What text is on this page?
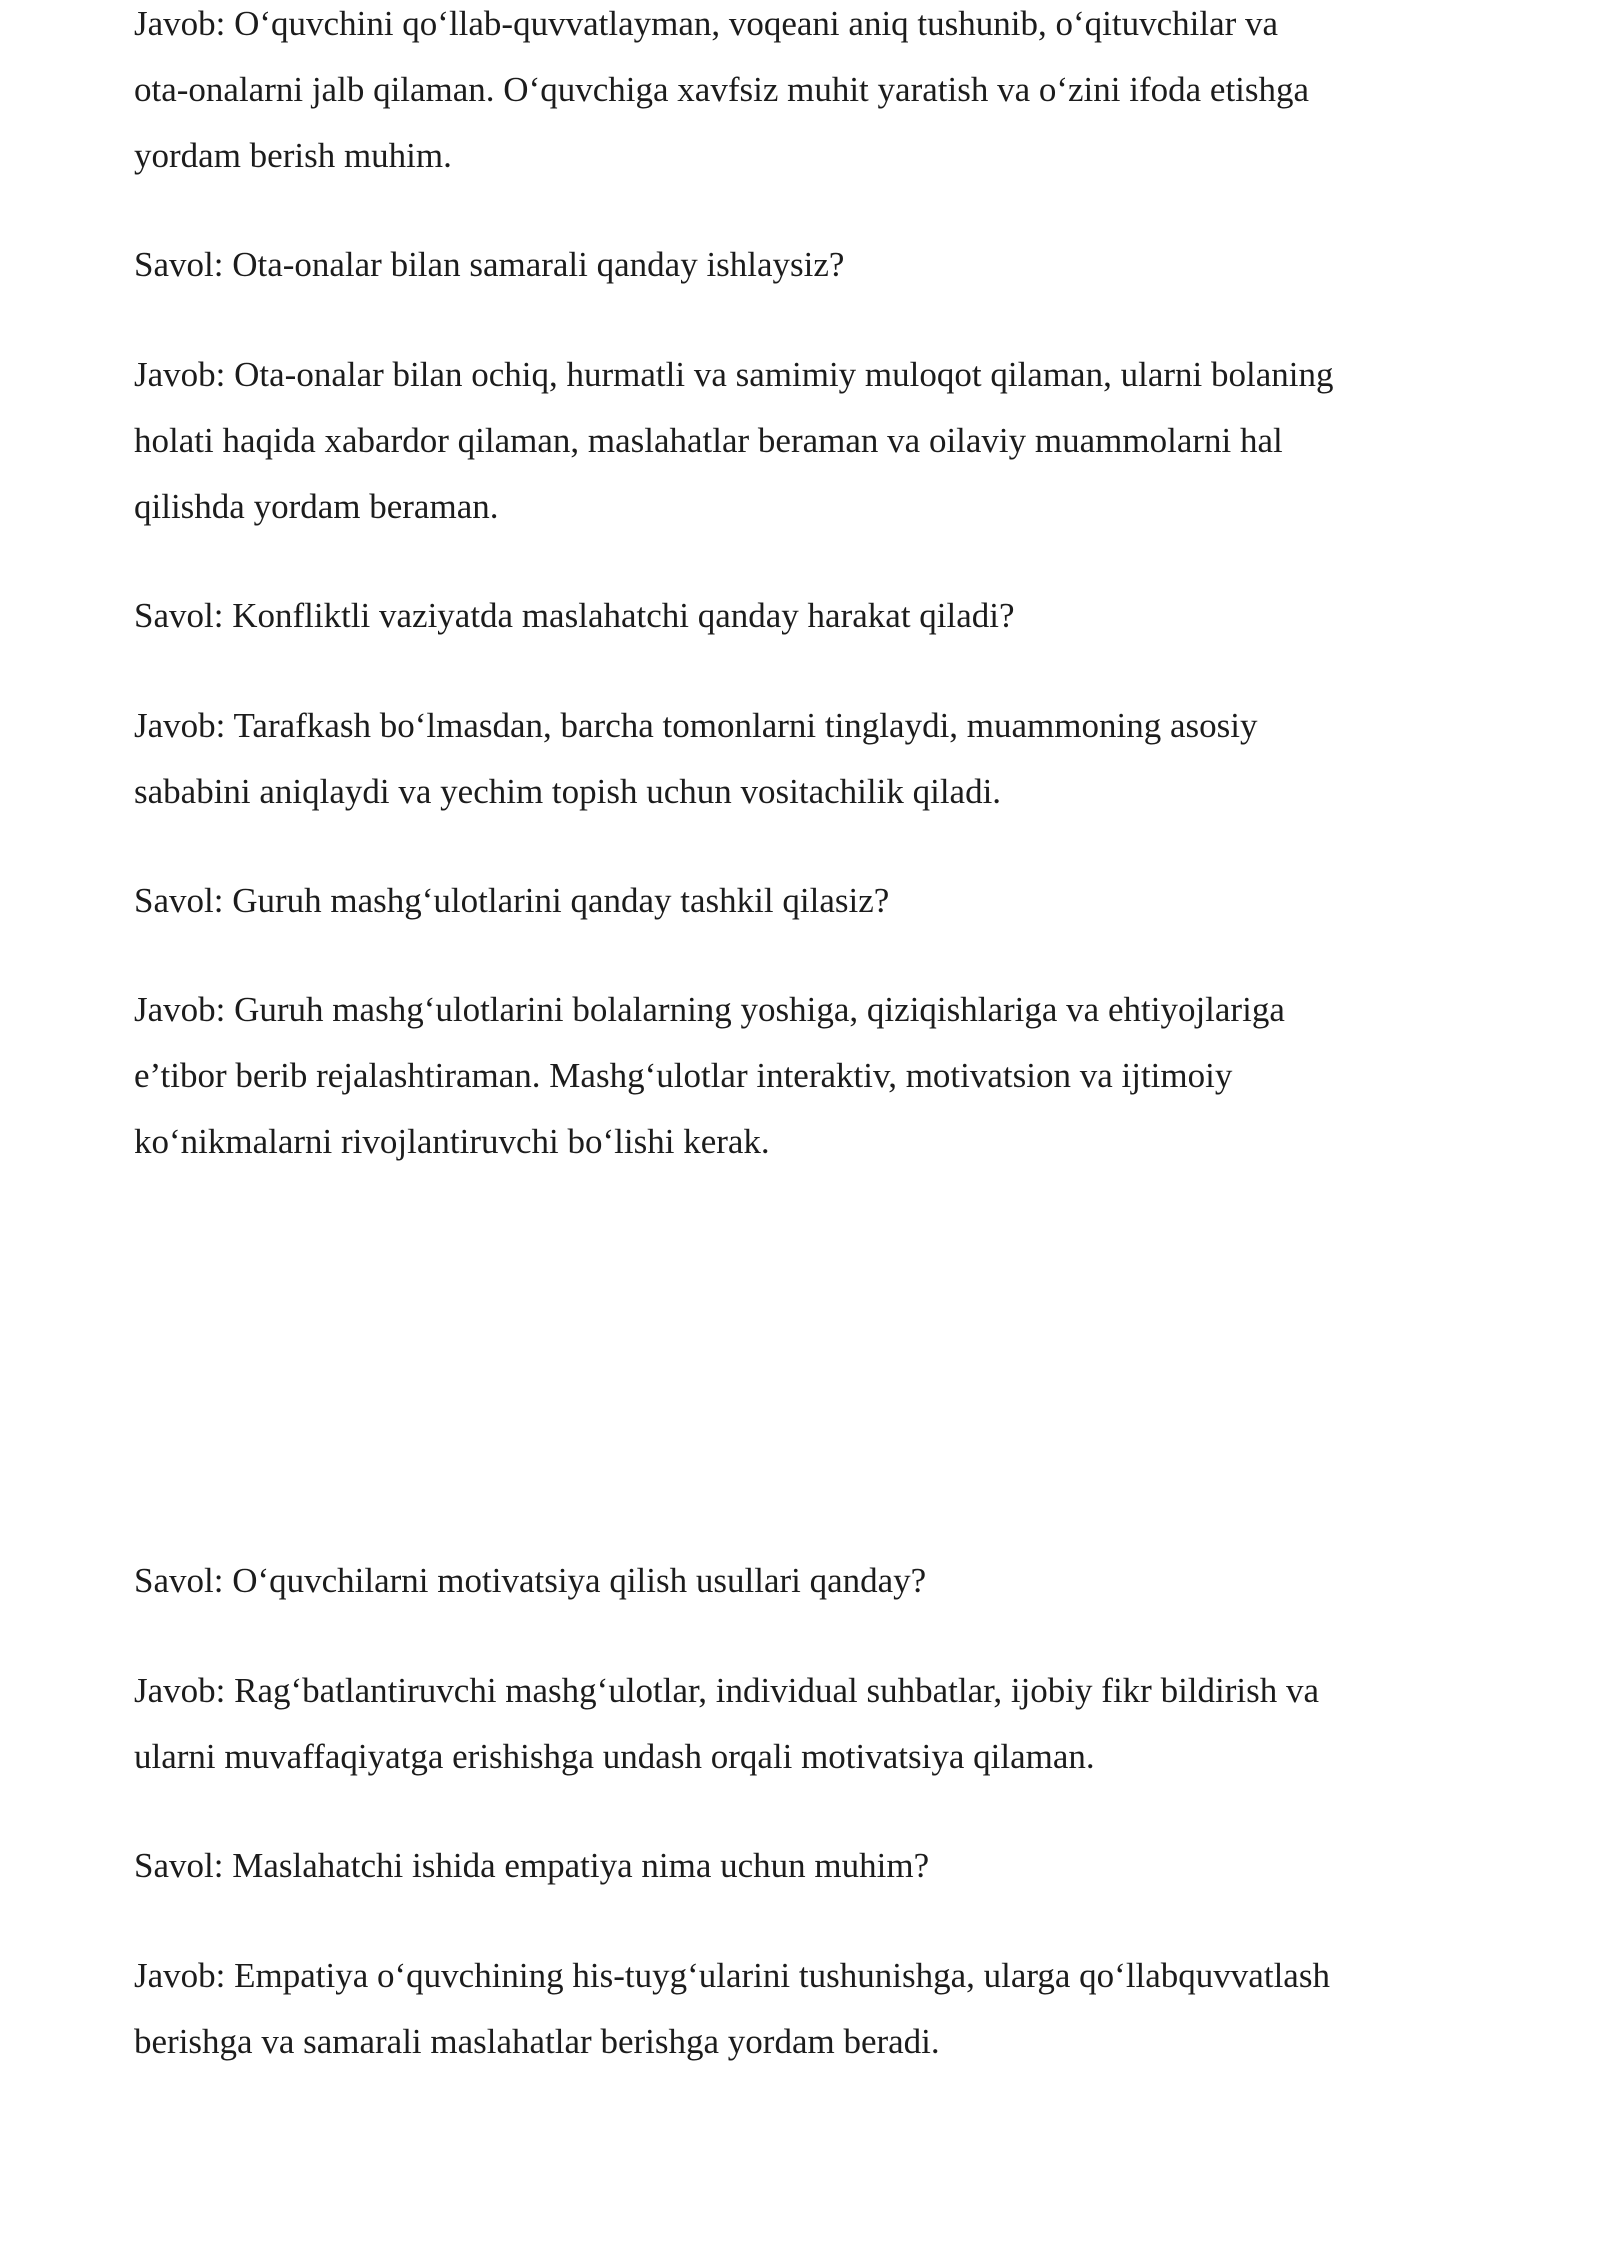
Javob: Oʻquvchini qoʻllab-quvvatlayman, voqeani aniq tushunib, oʻqituvchilar va
ota-onalarni jalb qilaman. Oʻquvchiga xavfsiz muhit yaratish va oʻzini ifoda etishga
yordam berish muhim.

Savol: Ota-onalar bilan samarali qanday ishlaysiz?

Javob: Ota-onalar bilan ochiq, hurmatli va samimiy muloqot qilaman, ularni bolaning
holati haqida xabardor qilaman, maslahatlar beraman va oilaviy muammolarni hal
qilishda yordam beraman.

Savol: Konfliktli vaziyatda maslahatchi qanday harakat qiladi?

Javob: Tarafkash boʻlmasdan, barcha tomonlarni tinglaydi, muammoning asosiy
sababini aniqlaydi va yechim topish uchun vositachilik qiladi.

Savol: Guruh mashgʻulotlarini qanday tashkil qilasiz?

Javob: Guruh mashgʻulotlarini bolalarning yoshiga, qiziqishlariga va ehtiyojlariga
e’tibor berib rejalashtiraman. Mashgʻulotlar interaktiv, motivatsion va ijtimoiy
koʻnikmalarni rivojlantiruvchi boʻlishi kerak.

Savol: Oʻquvchilarni motivatsiya qilish usullari qanday?

Javob: Ragʻbatlantiruvchi mashgʻulotlar, individual suhbatlar, ijobiy fikr bildirish va
ularni muvaffaqiyatga erishishga undash orqali motivatsiya qilaman.

Savol: Maslahatchi ishida empatiya nima uchun muhim?

Javob: Empatiya oʻquvchining his-tuygʻularini tushunishga, ularga qoʻllabquvvatlash
berishga va samarali maslahatlar berishga yordam beradi.
